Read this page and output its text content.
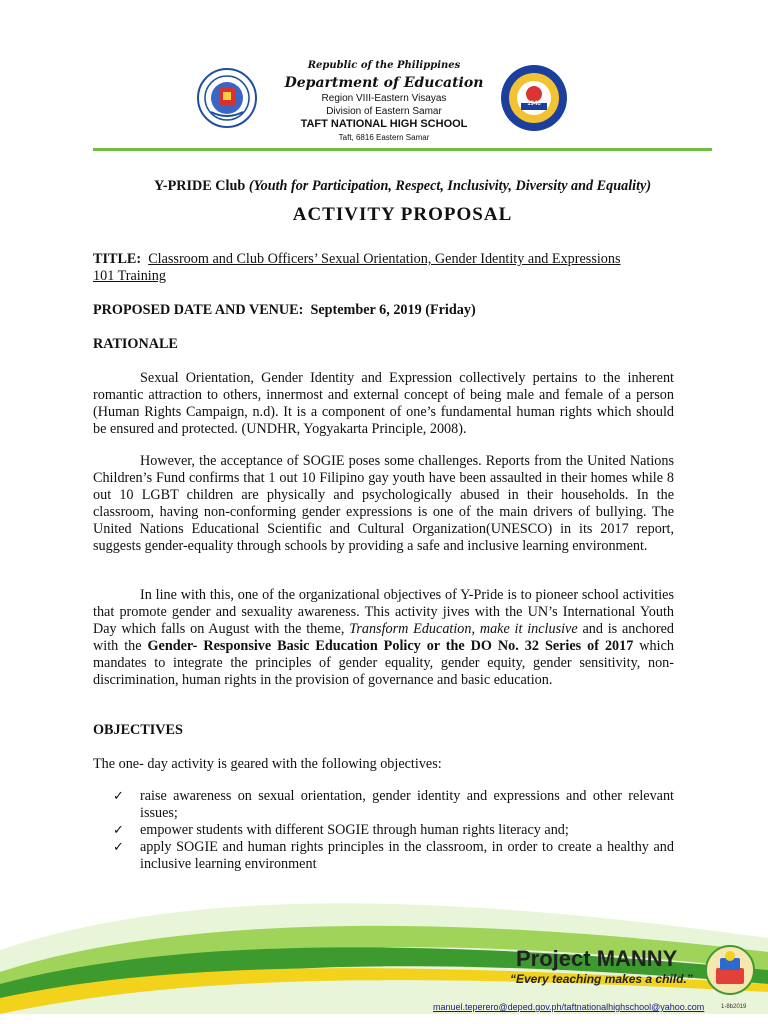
1946
Republic of the Philippines
Department of Education
Region VIII-Eastern Visayas
Division of Eastern Samar
TAFT NATIONAL HIGH SCHOOL
Taft, 6816 Eastern Samar
Y-PRIDE Club (Youth for Participation, Respect, Inclusivity, Diversity and Equality)
ACTIVITY PROPOSAL
TITLE: Classroom and Club Officers’ Sexual Orientation, Gender Identity and Expressions
101 Training
PROPOSED DATE AND VENUE: September 6, 2019 (Friday)
RATIONALE

Sexual Orientation, Gender Identity and Expression collectively pertains to the inherent romantic attraction to others, innermost and external concept of being male and female of a person (Human Rights Campaign, n.d). It is a component of one’s fundamental human rights which should be ensured and protected. (UNDHR, Yogyakarta Principle, 2008).

However, the acceptance of SOGIE poses some challenges. Reports from the United Nations Children’s Fund confirms that 1 out 10 Filipino gay youth have been assaulted in their homes while 8 out 10 LGBT children are physically and psychologically abused in their households. In the classroom, having non-conforming gender expressions is one of the main drivers of bullying. The United Nations Educational Scientific and Cultural Organization(UNESCO) in its 2017 report, suggests gender-equality through schools by providing a safe and inclusive learning environment.

In line with this, one of the organizational objectives of Y-Pride is to pioneer school activities that promote gender and sexuality awareness. This activity jives with the UN’s International Youth Day which falls on August with the theme, Transform Education, make it inclusive and is anchored with the Gender- Responsive Basic Education Policy or the DO No. 32 Series of 2017 which mandates to integrate the principles of gender equality, gender equity, gender sensitivity, non-discrimination, human rights in the provision of governance and basic education.

OBJECTIVES
The one- day activity is geared with the following objectives:
✓ raise awareness on sexual orientation, gender identity and expressions and other relevant issues;
✓ empower students with different SOGIE through human rights literacy and;
✓ apply SOGIE and human rights principles in the classroom, in order to create a healthy and inclusive learning environment
Project MANNY
“Every teaching makes a child.”
manuel.teperero@deped.gov.ph/taftnationalhighschool@yahoo.com	1-8b2019
